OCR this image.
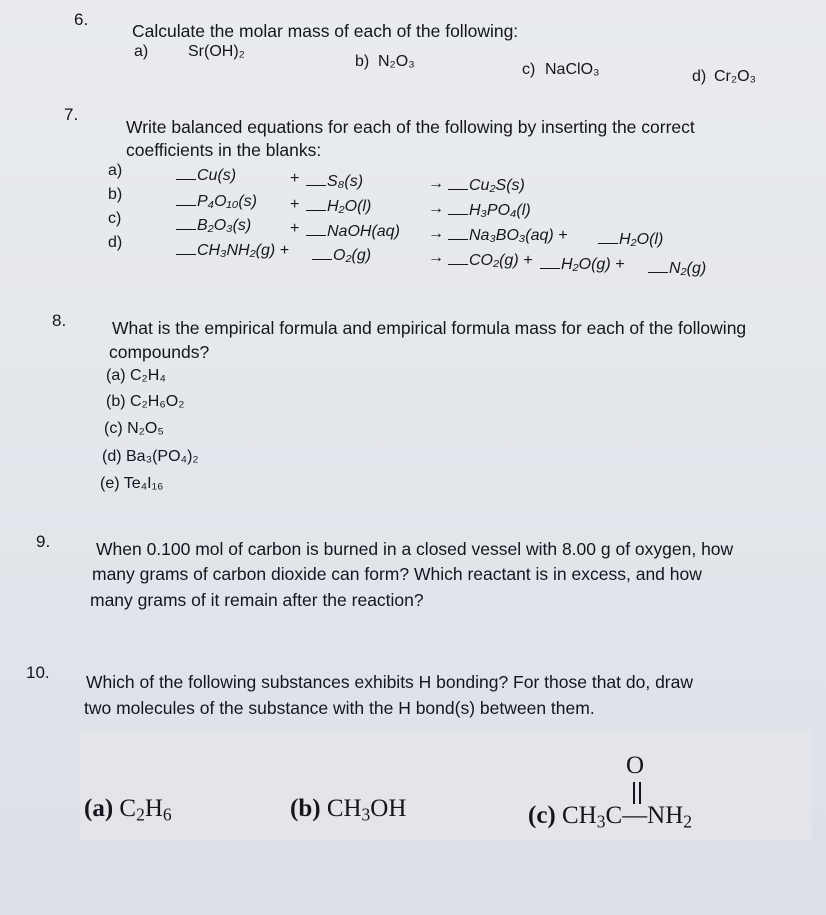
6.
Calculate the molar mass of each of the following:
a) Sr(OH)₂
b) N₂O₃	c) NaClO₃	d) Cr₂O₃
7.
Write balanced equations for each of the following by inserting the correct
coefficients in the blanks:
a)	Cu(s)	+	S₈(s)	→	Cu₂S(s)
b)	P₄O₁₀(s) +	H₂O(l)	→	H₃PO₄(l)
c)	B₂O₃(s) +	NaOH(aq) →	Na₃BO₃(aq) +	H₂O(l)
d)	CH₃NH₂(g) +	O₂(g)	→	CO₂(g) +	H₂O(g) +	N₂(g)
8.	What is the empirical formula and empirical formula mass for each of the following
compounds?
(a) C₂H₄
(b) C₂H₆O₂
(c) N₂O₅
(d) Ba₃(PO₄)₂
(e) Te₄I₁₆
9.	When 0.100 mol of carbon is burned in a closed vessel with 8.00 g of oxygen, how
many grams of carbon dioxide can form? Which reactant is in excess, and how
many grams of it remain after the reaction?
10. Which of the following substances exhibits H bonding? For those that do, draw
two molecules of the substance with the H bond(s) between them.
(a) $C_2H_6$	(b) $CH_3OH$	(c) $CH_3C—NH_2$
O
